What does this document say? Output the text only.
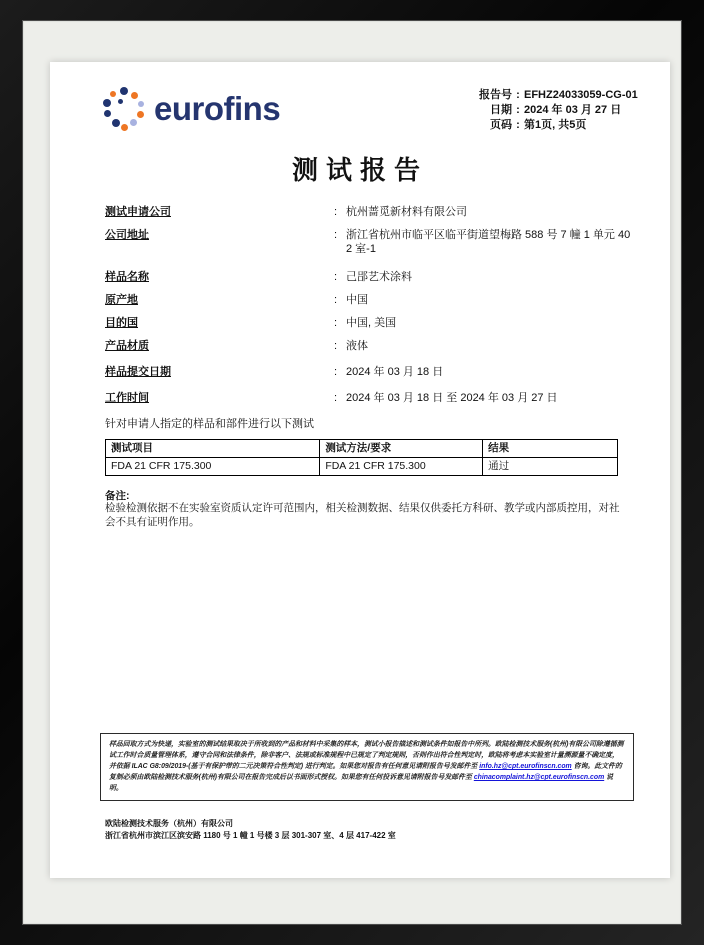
eurofins	报告号 : EFHZ24033059-CG-01
日期 : 2024 年 03 月 27 日
页码 : 第1页, 共5页
测试报告
测试申请公司	: 杭州蔷觅新材料有限公司
公司地址	: 浙江省杭州市临平区临平街道望梅路 588 号 7 幢 1 单元 402 室-1
样品名称	: 己郘艺术涂料
原产地	: 中国
目的国	: 中国, 美国
产品材质	: 液体
样品提交日期	: 2024 年 03 月 18 日
工作时间	: 2024 年 03 月 18 日 至 2024 年 03 月 27 日
针对申请人指定的样品和部件进行以下测试
测试项目	测试方法/要求	结果
FDA 21 CFR 175.300	FDA 21 CFR 175.300	通过
备注:
检验检测依据不在实验室资质认定许可范围内，相关检测数据、结果仅供委托方科研、教学或内部质控用，对社会不具有证明作用。
样品回取方式为快递，实验室的测试结果取决于所收到的产品和材料中采集的样本，测试小报告描述和测试条件如报告中所列。欧陆检测技术服务(杭州)有限公司除遵循测试工作时合质量管理体系，遵守合同和法律条件，除非客户、法规或标准规程中已规定了判定规则，否则作出符合性判定时，欧陆将考虑本实验室计量溯源量不确定度，并依据 ILAC G8:09/2019-(基于有保护带的二元决策符合性判定) 进行判定。如果您对报告有任何意见请附报告号发邮件至 info.hz@cpt.eurofinscn.com 咨询。此文件的复制必须由欧陆检测技术服务(杭州)有限公司在报告完成后以书面形式授权。如果您有任何投诉意见请附报告号发邮件至 chinacomplaint.hz@cpt.eurofinscn.com 说明。
欧陆检测技术服务（杭州）有限公司
浙江省杭州市滨江区滨安路 1180 号 1 幢 1 号楼 3 层 301-307 室、4 层 417-422 室
